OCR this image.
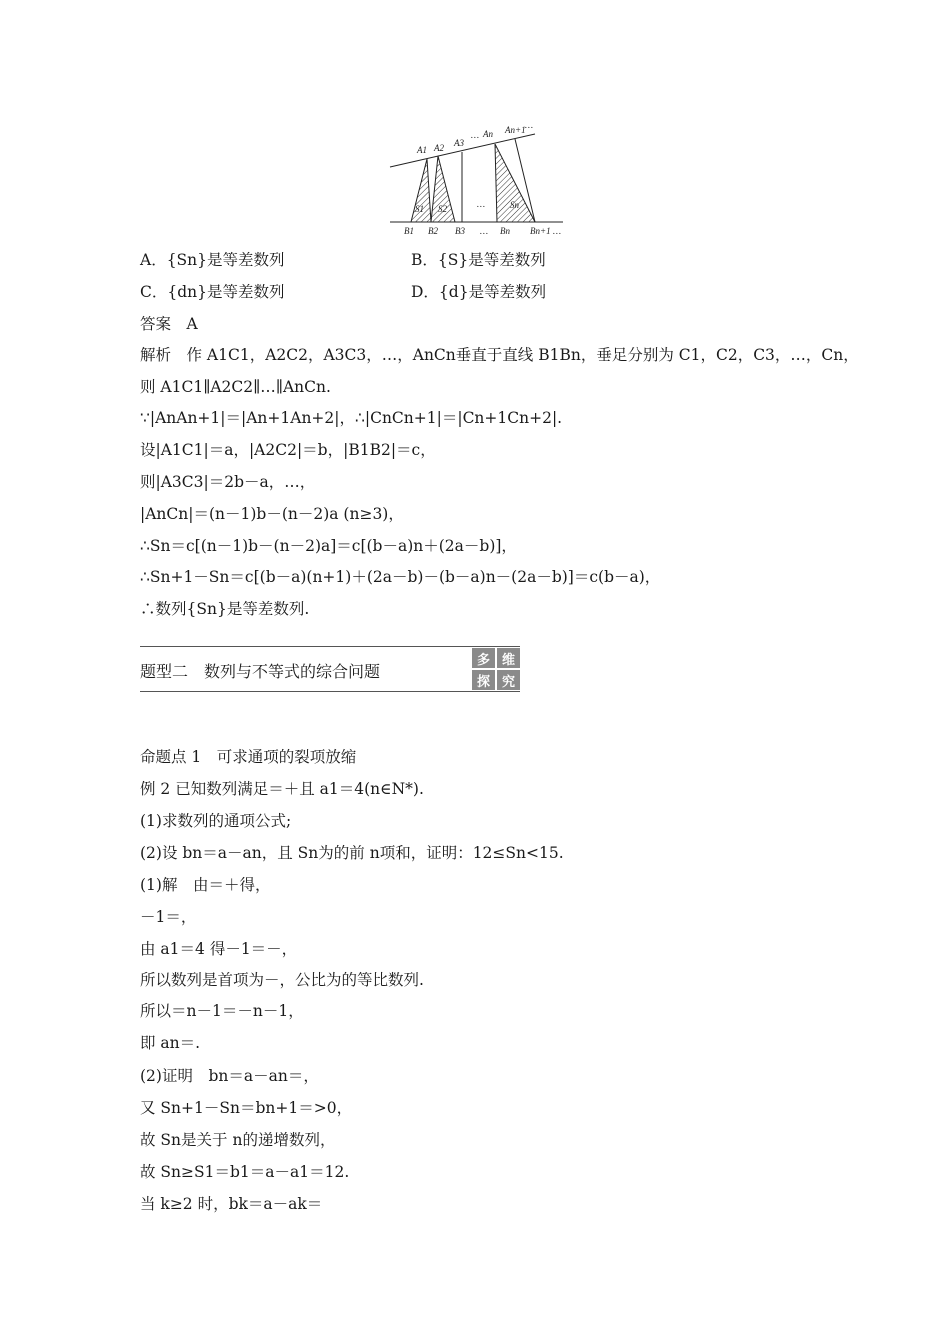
A1 A2 A3
… An An+1 …
B1 B2 B3 … Bn Bn+1 …
S1 S2	…	Sn
A．{Sn}是等差数列	B．{S}是等差数列
C．{dn}是等差数列	D．{d}是等差数列
答案　A
解析　作 A1C1，A2C2，A3C3，…，AnCn垂直于直线 B1Bn，垂足分别为 C1，C2，C3，…，Cn，
则 A1C1∥A2C2∥…∥AnCn.
∵|AnAn+1|＝|An+1An+2|，∴|CnCn+1|＝|Cn+1Cn+2|.
设|A1C1|＝a，|A2C2|＝b，|B1B2|＝c，
则|A3C3|＝2b－a，…，
|AnCn|＝(n－1)b－(n－2)a (n≥3)，
∴Sn＝c[(n－1)b－(n－2)a]＝c[(b－a)n＋(2a－b)]，
∴Sn+1－Sn＝c[(b－a)(n+1)＋(2a－b)－(b－a)n－(2a－b)]＝c(b－a)，
∴数列{Sn}是等差数列.
题型二　数列与不等式的综合问题
多 维
探 究
命题点 1　可求通项的裂项放缩
例 2 已知数列满足＝＋且 a1＝4(n∈N*).
(1)求数列的通项公式;
(2)设 bn＝a－an，且 Sn为的前 n项和，证明：12≤Sn<15.
(1)解　由＝＋得，
－1＝，
由 a1＝4 得－1＝－，
所以数列是首项为－，公比为的等比数列.
所以＝n－1＝－n－1，
即 an＝.
(2)证明　bn＝a－an＝，
又 Sn+1－Sn＝bn+1＝>0，
故 Sn是关于 n的递增数列，
故 Sn≥S1＝b1＝a－a1＝12.
当 k≥2 时，bk＝a－ak＝
